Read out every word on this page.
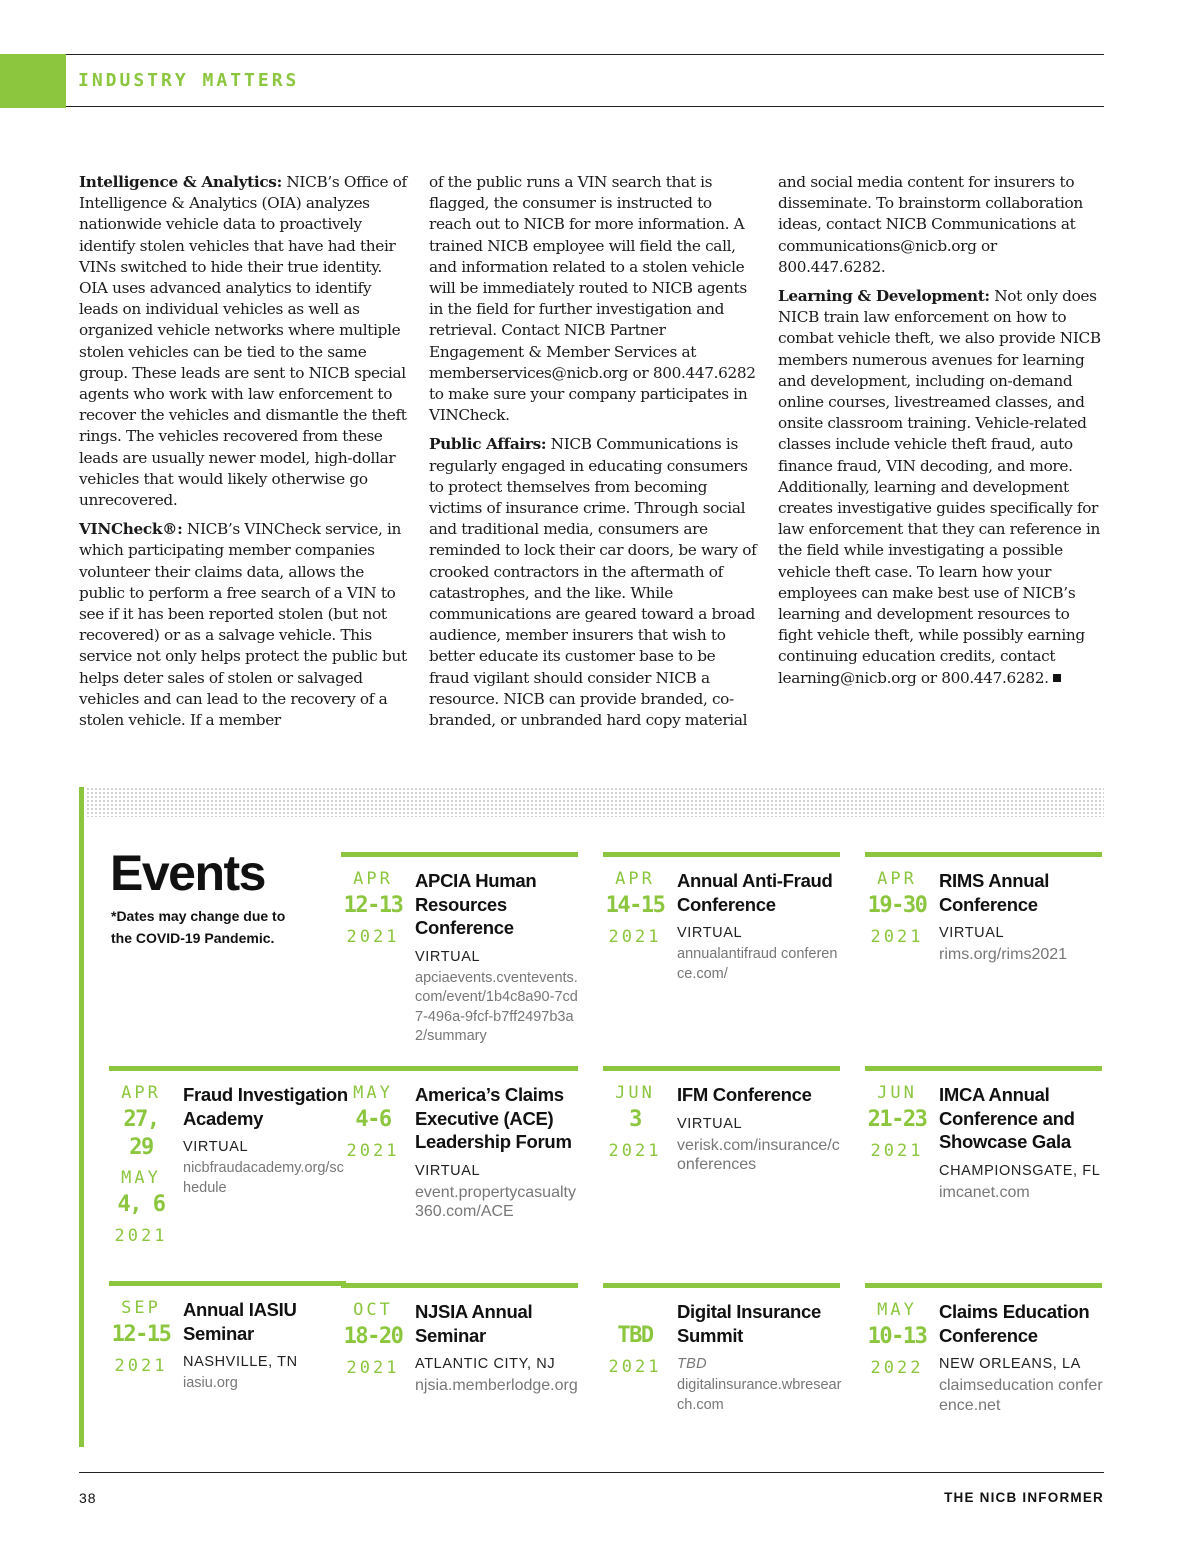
INDUSTRY MATTERS

Intelligence & Analytics: NICB’s Office of Intelligence & Analytics (OIA) analyzes nationwide vehicle data to proactively identify stolen vehicles that have had their VINs switched to hide their true identity. OIA uses advanced analytics to identify leads on individual vehicles as well as organized vehicle networks where multiple stolen vehicles can be tied to the same group. These leads are sent to NICB special agents who work with law enforcement to recover the vehicles and dismantle the theft rings. The vehicles recovered from these leads are usually newer model, high-dollar vehicles that would likely otherwise go unrecovered.

VINCheck®: NICB’s VINCheck service, in which participating member companies volunteer their claims data, allows the public to perform a free search of a VIN to see if it has been reported stolen (but not recovered) or as a salvage vehicle. This service not only helps protect the public but helps deter sales of stolen or salvaged vehicles and can lead to the recovery of a stolen vehicle. If a member

of the public runs a VIN search that is flagged, the consumer is instructed to reach out to NICB for more information. A trained NICB employee will field the call, and information related to a stolen vehicle will be immediately routed to NICB agents in the field for further investigation and retrieval. Contact NICB Partner Engagement & Member Services at memberservices@nicb.org or 800.447.6282 to make sure your company participates in VINCheck.

Public Affairs: NICB Communications is regularly engaged in educating consumers to protect themselves from becoming victims of insurance crime. Through social and traditional media, consumers are reminded to lock their car doors, be wary of crooked contractors in the aftermath of catastrophes, and the like. While communications are geared toward a broad audience, member insurers that wish to better educate its customer base to be fraud vigilant should consider NICB a resource. NICB can provide branded, co-branded, or unbranded hard copy material

and social media content for insurers to disseminate. To brainstorm collaboration ideas, contact NICB Communications at communications@nicb.org or 800.447.6282.

Learning & Development: Not only does NICB train law enforcement on how to combat vehicle theft, we also provide NICB members numerous avenues for learning and development, including on-demand online courses, livestreamed classes, and onsite classroom training. Vehicle-related classes include vehicle theft fraud, auto finance fraud, VIN decoding, and more. Additionally, learning and development creates investigative guides specifically for law enforcement that they can reference in the field while investigating a possible vehicle theft case. To learn how your employees can make best use of NICB’s learning and development resources to fight vehicle theft, while possibly earning continuing education credits, contact learning@nicb.org or 800.447.6282.

Events
*Dates may change due to the COVID-19 Pandemic.
APR
12-13
2021
APCIA Human Resources Conference
VIRTUAL
apciaevents.cventevents.com/event/1b4c8a90-7cd7-496a-9fcf-b7ff2497b3a2/summary
APR
14-15
2021
Annual Anti-Fraud Conference
VIRTUAL
annualantifraud conference.com/
APR
19-30
2021
RIMS Annual Conference
VIRTUAL
rims.org/rims2021
APR
27, 29
MAY
4, 6
2021
Fraud Investigation Academy
VIRTUAL
nicbfraudacademy.org/schedule
MAY
4-6
2021
America’s Claims Executive (ACE) Leadership Forum
VIRTUAL
event.propertycasualty360.com/ACE
JUN
3
2021
IFM Conference
VIRTUAL
verisk.com/insurance/conferences
JUN
21-23
2021
IMCA Annual Conference and Showcase Gala
CHAMPIONSGATE, FL
imcanet.com
SEP
12-15
2021
Annual IASIU Seminar
NASHVILLE, TN
iasiu.org
OCT
18-20
2021
NJSIA Annual Seminar
ATLANTIC CITY, NJ
njsia.memberlodge.org
TBD
2021
Digital Insurance Summit
TBD
digitalinsurance.wbresearch.com
MAY
10-13
2022
Claims Education Conference
NEW ORLEANS, LA
claimseducation conference.net
38	THE NICB INFORMER
